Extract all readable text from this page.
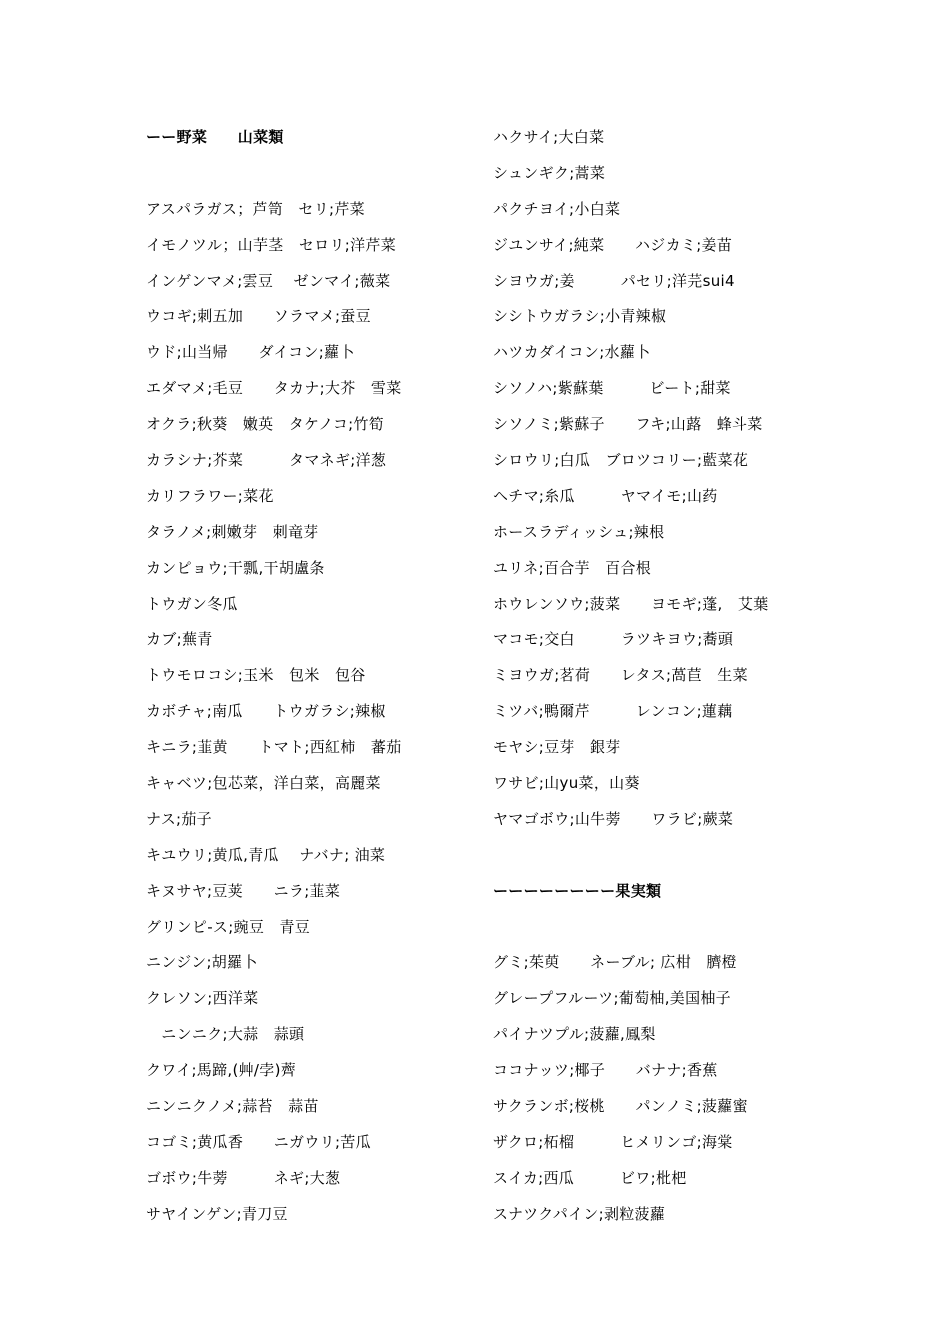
ーー野菜　　山菜類
アスパラガス；芦笥　セリ;芹菜
イモノツル；山芋茎　セロリ;洋芹菜
インゲンマメ;雲豆　 ゼンマイ;薇菜
ウコギ;刺五加　　ソラマメ;蚕豆
ウド;山当帰　　ダイコン;蘿卜
エダマメ;毛豆　　タカナ;大芥　雪菜
オクラ;秋葵　嫩英　タケノコ;竹筍
カラシナ;芥菜　　　タマネギ;洋葱
カリフラワー;菜花
タラノメ;刺嫩芽　刺竜芽
カンピョウ;干瓢,干胡盧条
トウガン冬瓜
カブ;蕪青
トウモロコシ;玉米　包米　包谷
カボチャ;南瓜　　トウガラシ;辣椒
キニラ;韮黄　　トマト;西紅柿　蕃茄
キャベツ;包芯菜，洋白菜，高麗菜
ナス;茄子
キユウリ;黄瓜,青瓜　 ナバナ; 油菜
キヌサヤ;豆荚　　ニラ;韮菜
グリンピ-ス;豌豆　青豆
ニンジン;胡羅卜
クレソン;西洋菜
　ニンニク;大蒜　蒜頭
クワイ;馬蹄,(艸/孛)薺
ニンニクノメ;蒜苔　蒜苗
コゴミ;黄瓜香　　ニガウリ;苦瓜
ゴボウ;牛蒡　　　ネギ;大葱
サヤインゲン;青刀豆
ハクサイ;大白菜
シュンギク;蒿菜
パクチヨイ;小白菜
ジユンサイ;純菜　　ハジカミ;姜苗
シヨウガ;姜　　　パセリ;洋芫sui4
シシトウガラシ;小青辣椒
ハツカダイコン;水蘿卜
シソノハ;紫蘇葉　　　ビート;甜菜
シソノミ;紫蘇子　　フキ;山蕗　蜂斗菜
シロウリ;白瓜　ブロツコリー;藍菜花
ヘチマ;糸瓜　　　ヤマイモ;山药
ホースラディッシュ;辣根
ユリネ;百合芋　百合根
ホウレンソウ;菠菜　　ヨモギ;蓬,　艾葉
マコモ;交白　　　ラツキヨウ;蕎頭
ミヨウガ;茗荷　　レタス;萵苣　生菜
ミツバ;鴨爾芹　　　レンコン;蓮藕
モヤシ;豆芽　銀芽
ワサビ;山yu菜，山葵
ヤマゴボウ;山牛蒡　　ワラビ;蕨菜
ーーーーーーーー果実類
グミ;茱萸　　ネーブル; 広柑　臍橙
グレープフルーツ;葡萄柚,美国柚子
パイナツプル;菠蘿,鳳梨
ココナッツ;椰子　　バナナ;香蕉
サクランボ;桜桃　　パンノミ;菠蘿蜜
ザクロ;柘榴　　　ヒメリンゴ;海棠
スイカ;西瓜　　　ビワ;枇杷
スナツクパイン;剥粒菠蘿
